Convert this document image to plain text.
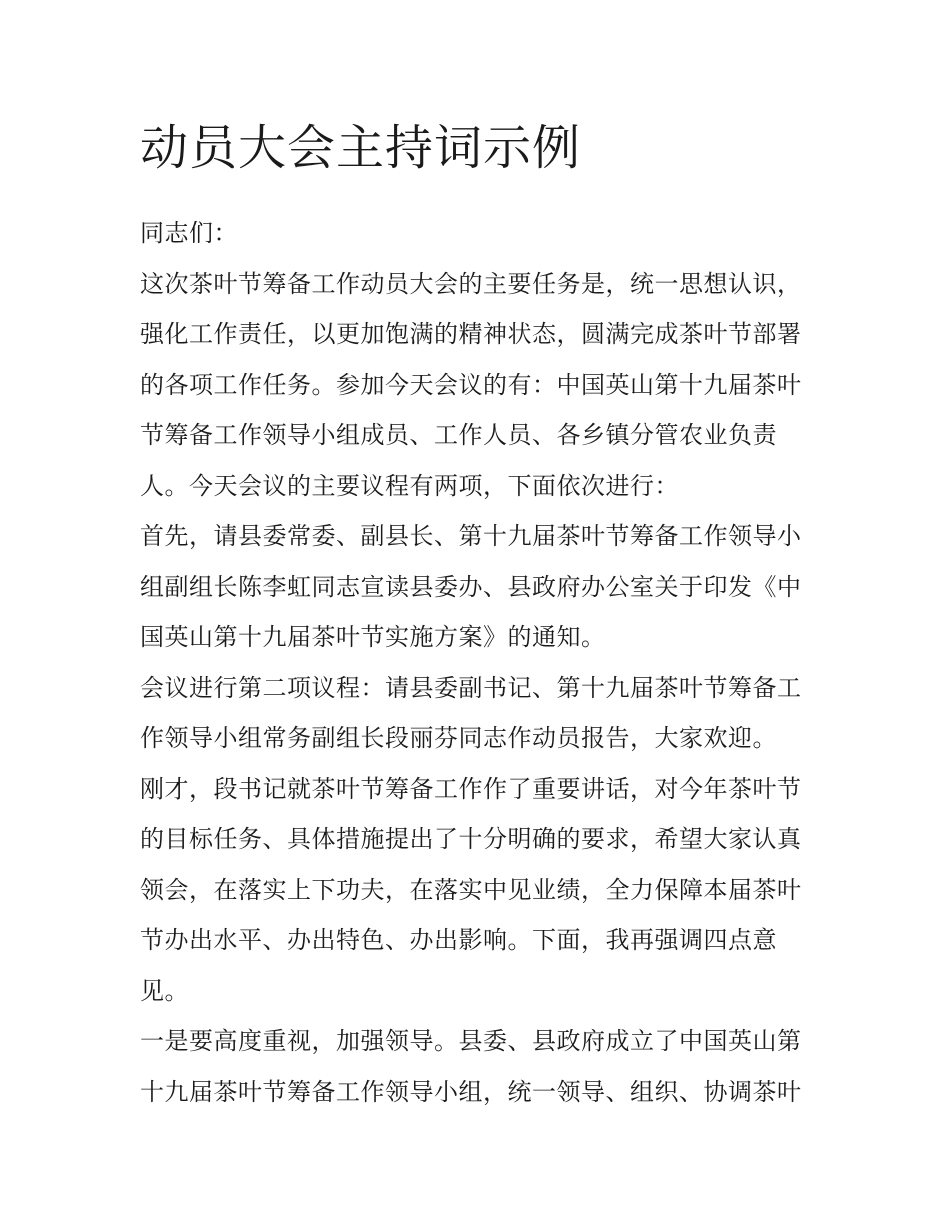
动员大会主持词示例

同志们：

这次茶叶节筹备工作动员大会的主要任务是，统一思想认识，
强化工作责任，以更加饱满的精神状态，圆满完成茶叶节部署
的各项工作任务。参加今天会议的有：中国英山第十九届茶叶
节筹备工作领导小组成员、工作人员、各乡镇分管农业负责
人。今天会议的主要议程有两项，下面依次进行：

首先，请县委常委、副县长、第十九届茶叶节筹备工作领导小
组副组长陈李虹同志宣读县委办、县政府办公室关于印发《中
国英山第十九届茶叶节实施方案》的通知。

会议进行第二项议程：请县委副书记、第十九届茶叶节筹备工
作领导小组常务副组长段丽芬同志作动员报告，大家欢迎。

刚才，段书记就茶叶节筹备工作作了重要讲话，对今年茶叶节
的目标任务、具体措施提出了十分明确的要求，希望大家认真
领会，在落实上下功夫，在落实中见业绩，全力保障本届茶叶
节办出水平、办出特色、办出影响。下面，我再强调四点意
见。

一是要高度重视，加强领导。县委、县政府成立了中国英山第
十九届茶叶节筹备工作领导小组，统一领导、组织、协调茶叶
